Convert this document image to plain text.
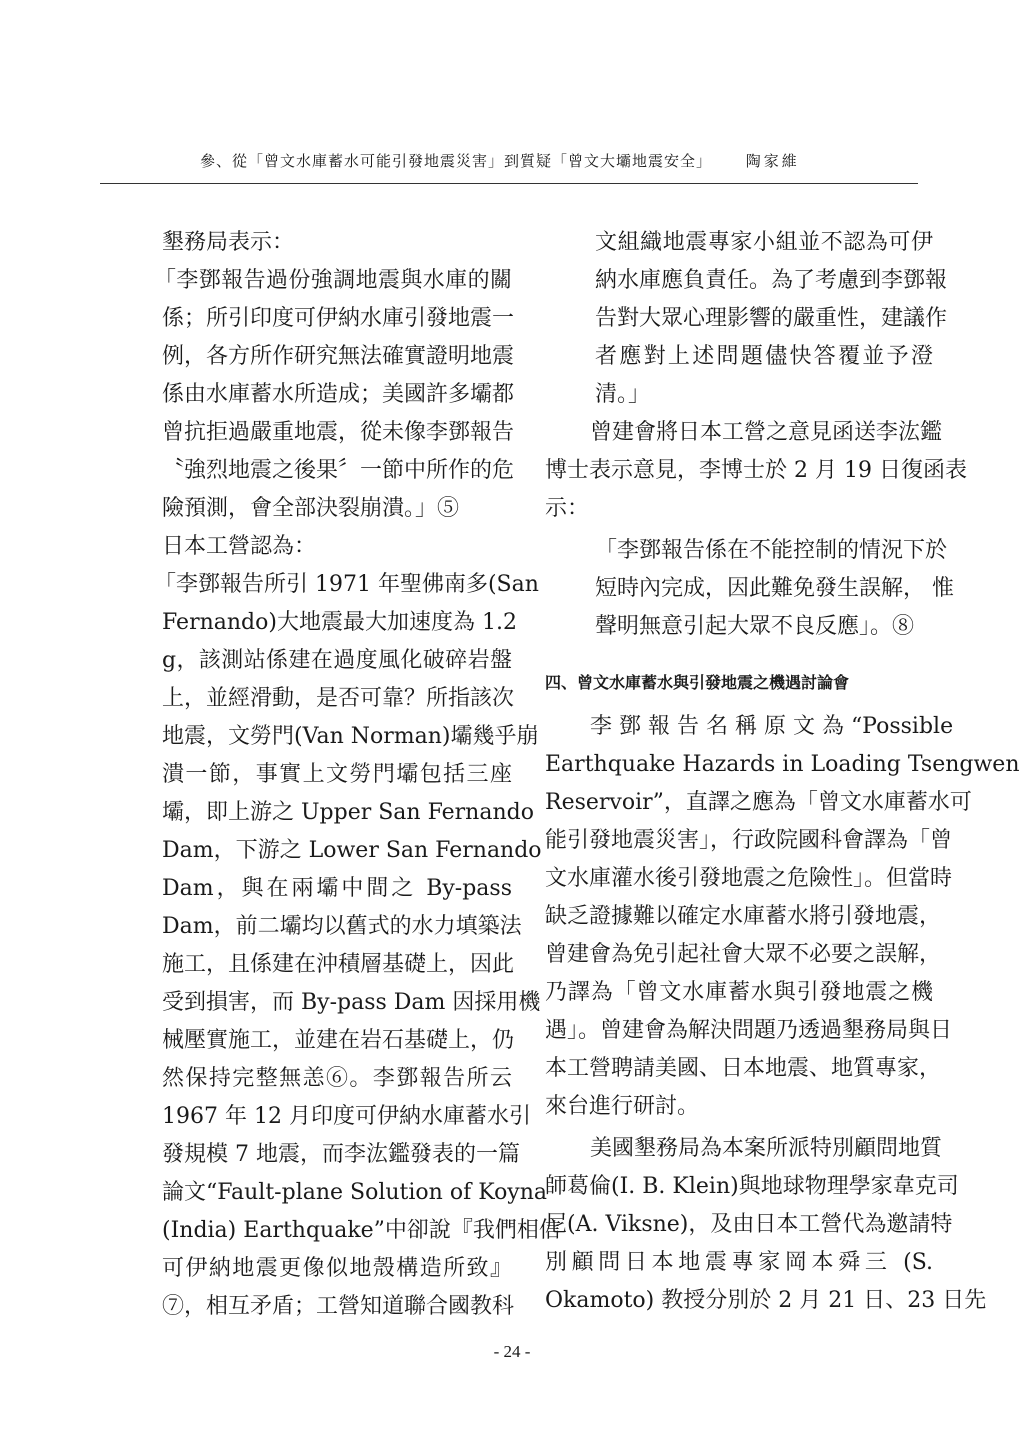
參、從「曾文水庫蓄水可能引發地震災害」到質疑「曾文大壩地震安全」 陶家維
墾務局表示：
「李鄧報告過份強調地震與水庫的關
係；所引印度可伊納水庫引發地震一
例，各方所作研究無法確實證明地震
係由水庫蓄水所造成；美國許多壩都
曾抗拒過嚴重地震，從未像李鄧報告
〝強烈地震之後果〞一節中所作的危
險預測，會全部決裂崩潰。」⑤
日本工營認為：
「李鄧報告所引 1971 年聖佛南多(San
Fernando)大地震最大加速度為 1.2
g，該測站係建在過度風化破碎岩盤
上，並經滑動，是否可靠？所指該次
地震，文勞門(Van Norman)壩幾乎崩
潰一節，事實上文勞門壩包括三座
壩，即上游之 Upper San Fernando
Dam，下游之 Lower San Fernando
Dam，與在兩壩中間之 By-pass
Dam，前二壩均以舊式的水力填築法
施工，且係建在沖積層基礎上，因此
受到損害，而 By-pass Dam 因採用機
械壓實施工，並建在岩石基礎上，仍
然保持完整無恙⑥。李鄧報告所云
1967 年 12 月印度可伊納水庫蓄水引
發規模 7 地震，而李汯鑑發表的一篇
論文“Fault-plane Solution of Koyna
(India) Earthquake”中卻說『我們相信
可伊納地震更像似地殼構造所致』
⑦，相互矛盾；工營知道聯合國教科
文組織地震專家小組並不認為可伊
納水庫應負責任。為了考慮到李鄧報
告對大眾心理影響的嚴重性，建議作
者應對上述問題儘快答覆並予澄
清。」
曾建會將日本工營之意見函送李汯鑑
博士表示意見，李博士於 2 月 19 日復函表
示：
「李鄧報告係在不能控制的情況下於
短時內完成，因此難免發生誤解， 惟
聲明無意引起大眾不良反應」。⑧
四、曾文水庫蓄水與引發地震之機遇討論會
李 鄧 報 告 名 稱 原 文 為 “Possible
Earthquake Hazards in Loading Tsengwen
Reservoir”，直譯之應為「曾文水庫蓄水可
能引發地震災害」，行政院國科會譯為「曾
文水庫灌水後引發地震之危險性」。但當時
缺乏證據難以確定水庫蓄水將引發地震，
曾建會為免引起社會大眾不必要之誤解，
乃譯為「曾文水庫蓄水與引發地震之機
遇」。曾建會為解決問題乃透過墾務局與日
本工營聘請美國、日本地震、地質專家，
來台進行研討。
美國墾務局為本案所派特別顧問地質
師葛倫(I. B. Klein)與地球物理學家韋克司
尼(A. Viksne)，及由日本工營代為邀請特
別顧問日本地震專家岡本舜三 (S.
Okamoto) 教授分別於 2 月 21 日、23 日先
- 24 -
